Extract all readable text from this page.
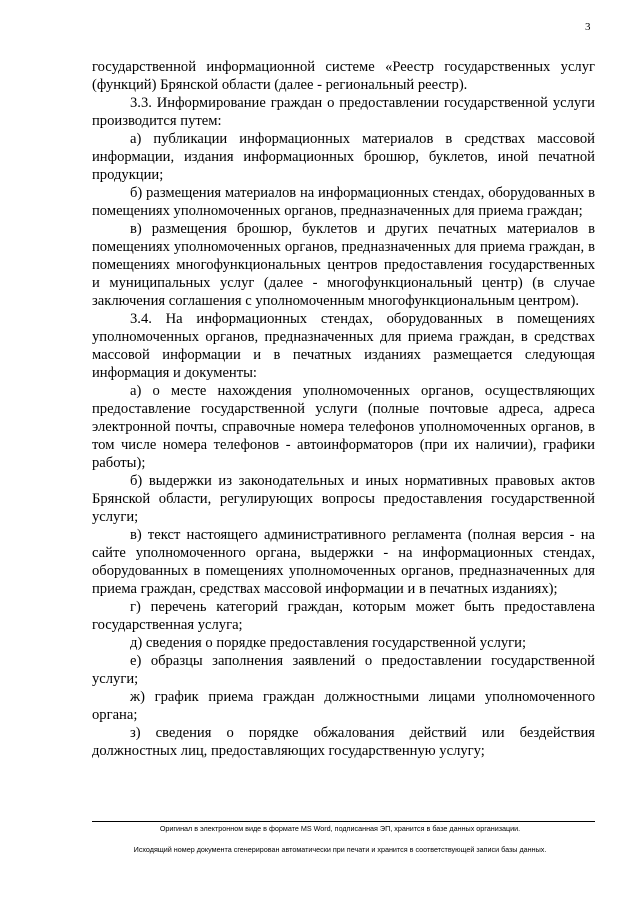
3

государственной информационной системе «Реестр государственных услуг (функций) Брянской области (далее - региональный реестр).

3.3. Информирование граждан о предоставлении государственной услуги производится путем:

а) публикации информационных материалов в средствах массовой информации, издания информационных брошюр, буклетов, иной печатной продукции;

б) размещения материалов на информационных стендах, оборудованных в помещениях уполномоченных органов, предназначенных для приема граждан;

в) размещения брошюр, буклетов и других печатных материалов в помещениях уполномоченных органов, предназначенных для приема граждан, в помещениях многофункциональных центров предоставления государственных и муниципальных услуг (далее - многофункциональный центр) (в случае заключения соглашения с уполномоченным многофункциональным центром).

3.4. На информационных стендах, оборудованных в помещениях уполномоченных органов, предназначенных для приема граждан, в средствах массовой информации и в печатных изданиях размещается следующая информация и документы:

а) о месте нахождения уполномоченных органов, осуществляющих предоставление государственной услуги (полные почтовые адреса, адреса электронной почты, справочные номера телефонов уполномоченных органов, в том числе номера телефонов - автоинформаторов (при их наличии), графики работы);

б) выдержки из законодательных и иных нормативных правовых актов Брянской области, регулирующих вопросы предоставления государственной услуги;

в) текст настоящего административного регламента (полная версия - на сайте уполномоченного органа, выдержки - на информационных стендах, оборудованных в помещениях уполномоченных органов, предназначенных для приема граждан, средствах массовой информации и в печатных изданиях);

г) перечень категорий граждан, которым может быть предоставлена государственная услуга;

д) сведения о порядке предоставления государственной услуги;

е) образцы заполнения заявлений о предоставлении государственной услуги;

ж) график приема граждан должностными лицами уполномоченного органа;

з) сведения о порядке обжалования действий или бездействия должностных лиц, предоставляющих государственную услугу;

Оригинал в электронном виде в формате MS Word, подписанная ЭП, хранится в базе данных организации.
Исходящий номер документа сгенерирован автоматически при печати и хранится в соответствующей записи базы данных.
